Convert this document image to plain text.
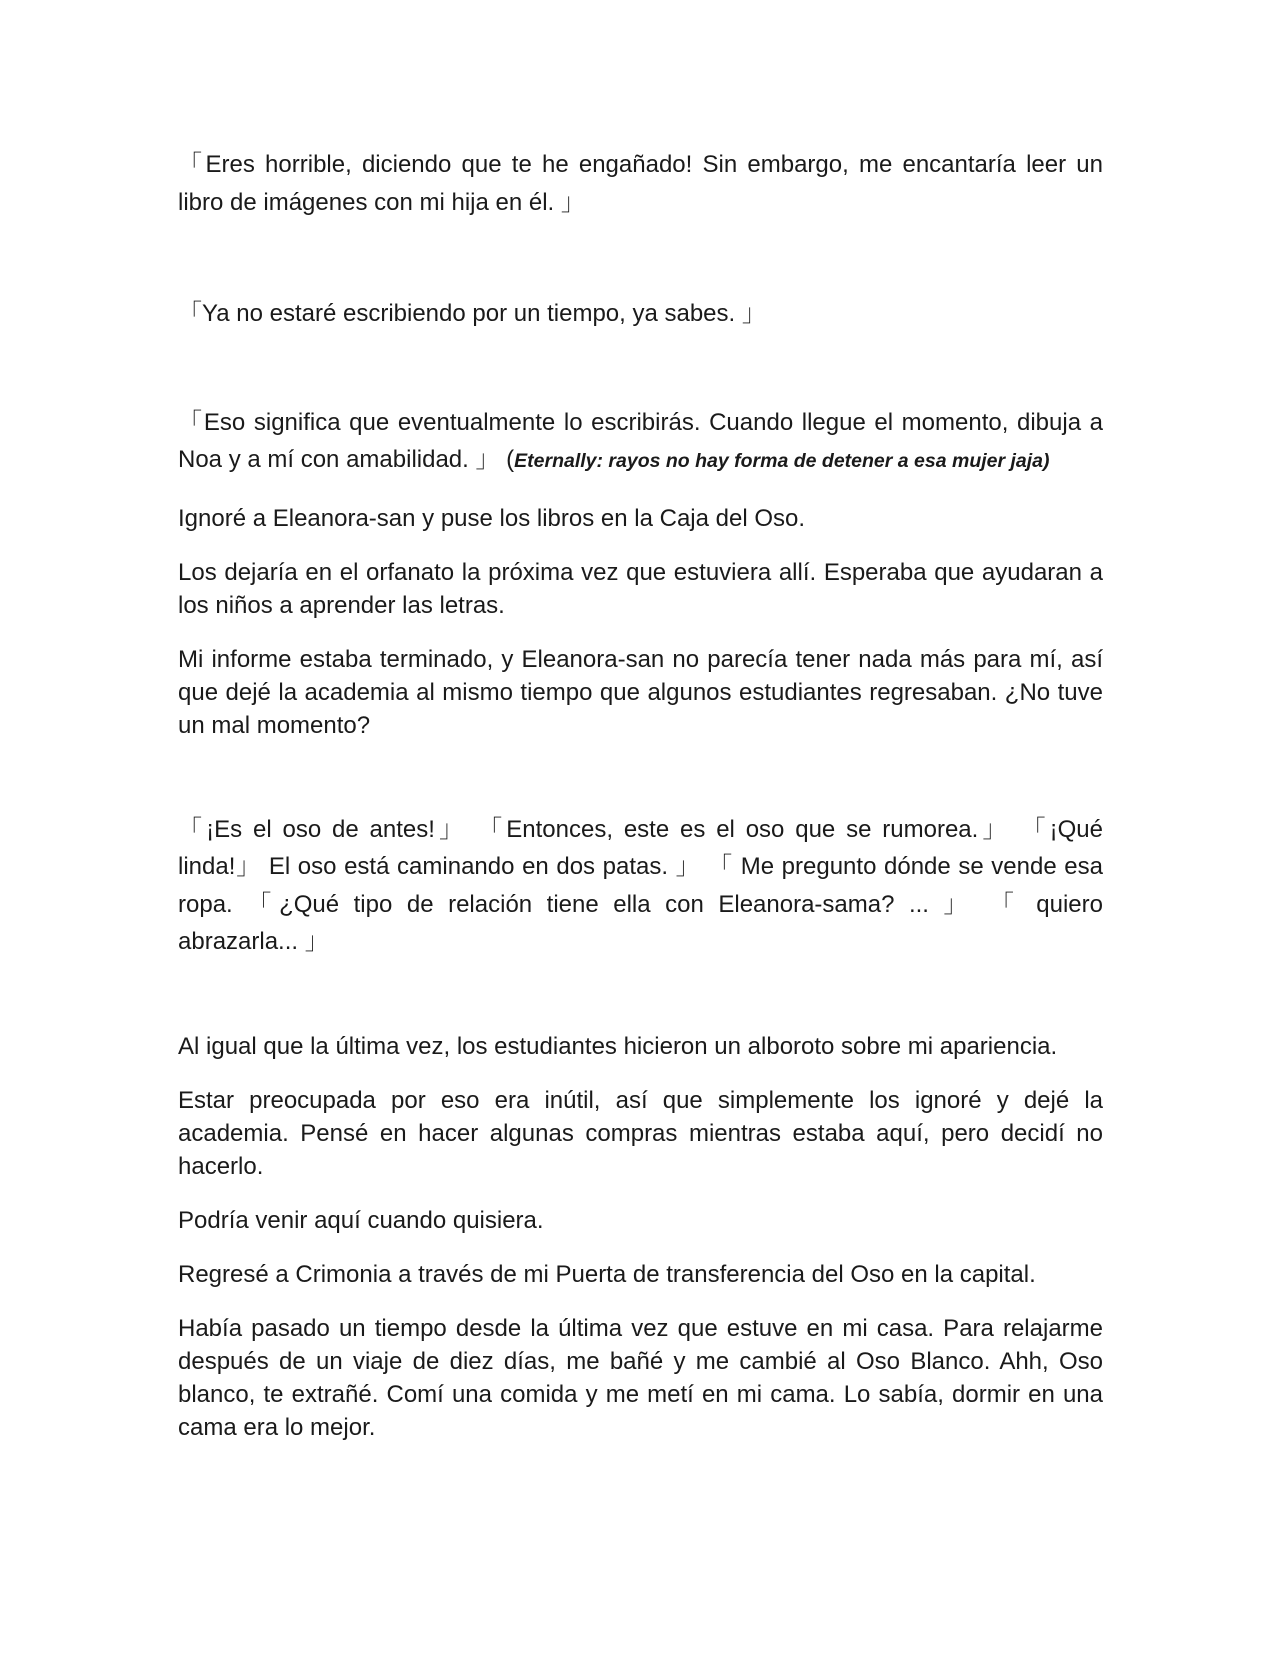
「Eres horrible, diciendo que te he engañado! Sin embargo, me encantaría leer un libro de imágenes con mi hija en él. 」

「Ya no estaré escribiendo por un tiempo, ya sabes. 」

「Eso significa que eventualmente lo escribirás. Cuando llegue el momento, dibuja a Noa y a mí con amabilidad. 」 (Eternally: rayos no hay forma de detener a esa mujer jaja)

Ignoré a Eleanora-san y puse los libros en la Caja del Oso.

Los dejaría en el orfanato la próxima vez que estuviera allí. Esperaba que ayudaran a los niños a aprender las letras.

Mi informe estaba terminado, y Eleanora-san no parecía tener nada más para mí, así que dejé la academia al mismo tiempo que algunos estudiantes regresaban. ¿No tuve un mal momento?

「¡Es el oso de antes!」 「Entonces, este es el oso que se rumorea.」 「¡Qué linda!」 El oso está caminando en dos patas. 」 「 Me pregunto dónde se vende esa ropa. 「¿Qué tipo de relación tiene ella con Eleanora-sama? ... 」 「 quiero abrazarla... 」

Al igual que la última vez, los estudiantes hicieron un alboroto sobre mi apariencia.

Estar preocupada por eso era inútil, así que simplemente los ignoré y dejé la academia. Pensé en hacer algunas compras mientras estaba aquí, pero decidí no hacerlo.

Podría venir aquí cuando quisiera.

Regresé a Crimonia a través de mi Puerta de transferencia del Oso en la capital.

Había pasado un tiempo desde la última vez que estuve en mi casa. Para relajarme después de un viaje de diez días, me bañé y me cambié al Oso Blanco. Ahh, Oso blanco, te extrañé. Comí una comida y me metí en mi cama. Lo sabía, dormir en una cama era lo mejor.
